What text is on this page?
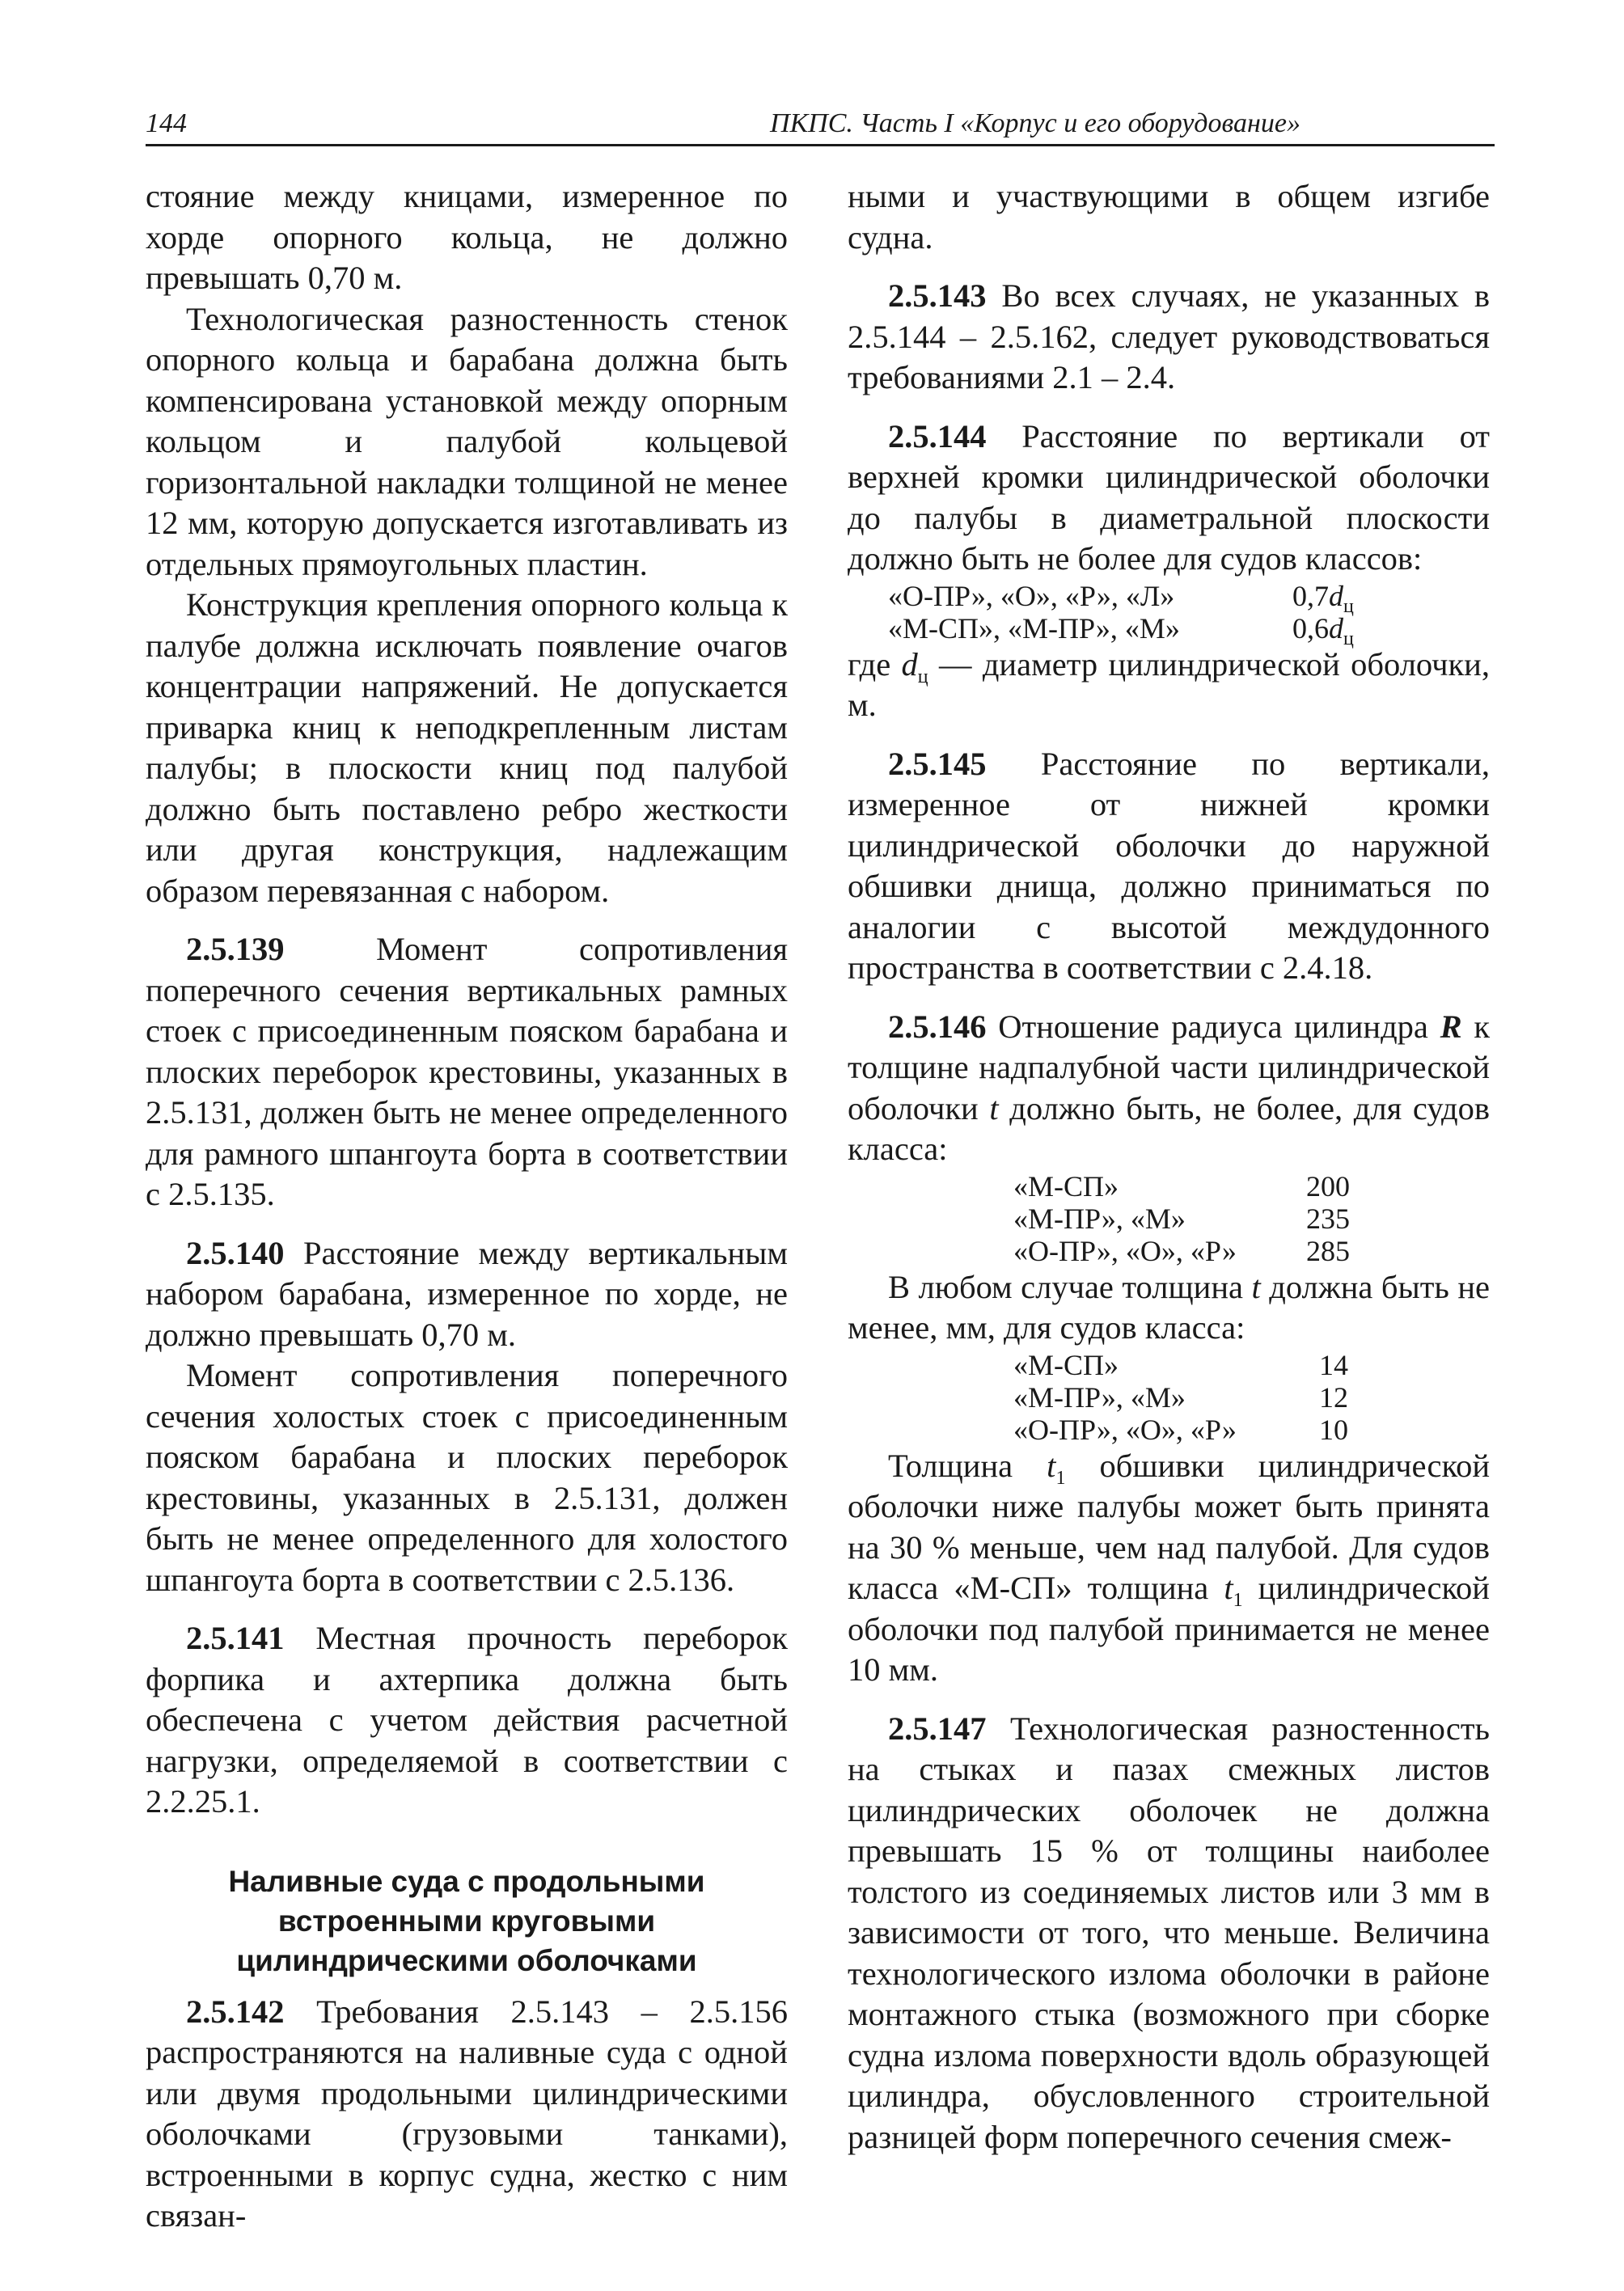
144	ПКПС. Часть I «Корпус и его оборудование»

стояние между кницами, измеренное по хорде опорного кольца, не должно превышать 0,70 м.

Технологическая разностенность стенок опорного кольца и барабана должна быть компенсирована установкой между опорным кольцом и палубой кольцевой горизонтальной накладки толщиной не менее 12 мм, которую допускается изготавливать из отдельных прямоугольных пластин.

Конструкция крепления опорного кольца к палубе должна исключать появление очагов концентрации напряжений. Не допускается приварка книц к неподкрепленным листам палубы; в плоскости книц под палубой должно быть поставлено ребро жесткости или другая конструкция, надлежащим образом перевязанная с набором.

2.5.139 Момент сопротивления поперечного сечения вертикальных рамных стоек с присоединенным пояском барабана и плоских переборок крестовины, указанных в 2.5.131, должен быть не менее определенного для рамного шпангоута борта в соответствии с 2.5.135.

2.5.140 Расстояние между вертикальным набором барабана, измеренное по хорде, не должно превышать 0,70 м.

Момент сопротивления поперечного сечения холостых стоек с присоединенным пояском барабана и плоских переборок крестовины, указанных в 2.5.131, должен быть не менее определенного для холостого шпангоута борта в соответствии с 2.5.136.

2.5.141 Местная прочность переборок форпика и ахтерпика должна быть обеспечена с учетом действия расчетной нагрузки, определяемой в соответствии с 2.2.25.1.

Наливные суда с продольными встроенными круговыми цилиндрическими оболочками

2.5.142 Требования 2.5.143 – 2.5.156 распространяются на наливные суда с одной или двумя продольными цилиндрическими оболочками (грузовыми танками), встроенными в корпус судна, жестко с ним связан-

ными и участвующими в общем изгибе судна.

2.5.143 Во всех случаях, не указанных в 2.5.144 – 2.5.162, следует руководствоваться требованиями 2.1 – 2.4.

2.5.144 Расстояние по вертикали от верхней кромки цилиндрической оболочки до палубы в диаметральной плоскости должно быть не более для судов классов:

«О-ПР», «О», «Р», «Л»	$0,7d_ц$
«М-СП», «М-ПР», «М»	$0,6d_ц$

где $d_ц$ — диаметр цилиндрической оболочки, м.

2.5.145 Расстояние по вертикали, измеренное от нижней кромки цилиндрической оболочки до наружной обшивки днища, должно приниматься по аналогии с высотой междудонного пространства в соответствии с 2.4.18.

2.5.146 Отношение радиуса цилиндра R к толщине надпалубной части цилиндрической оболочки t должно быть, не более, для судов класса:

«М-СП»	200
«М-ПР», «М»	235
«О-ПР», «О», «Р»	285

В любом случае толщина t должна быть не менее, мм, для судов класса:

«М-СП»	14
«М-ПР», «М»	12
«О-ПР», «О», «Р»	10

Толщина $t_1$ обшивки цилиндрической оболочки ниже палубы может быть принята на 30 % меньше, чем над палубой. Для судов класса «М-СП» толщина $t_1$ цилиндрической оболочки под палубой принимается не менее 10 мм.

2.5.147 Технологическая разностенность на стыках и пазах смежных листов цилиндрических оболочек не должна превышать 15 % от толщины наиболее толстого из соединяемых листов или 3 мм в зависимости от того, что меньше. Величина технологического излома оболочки в районе монтажного стыка (возможного при сборке судна излома поверхности вдоль образующей цилиндра, обусловленного строительной разницей форм поперечного сечения смеж-
